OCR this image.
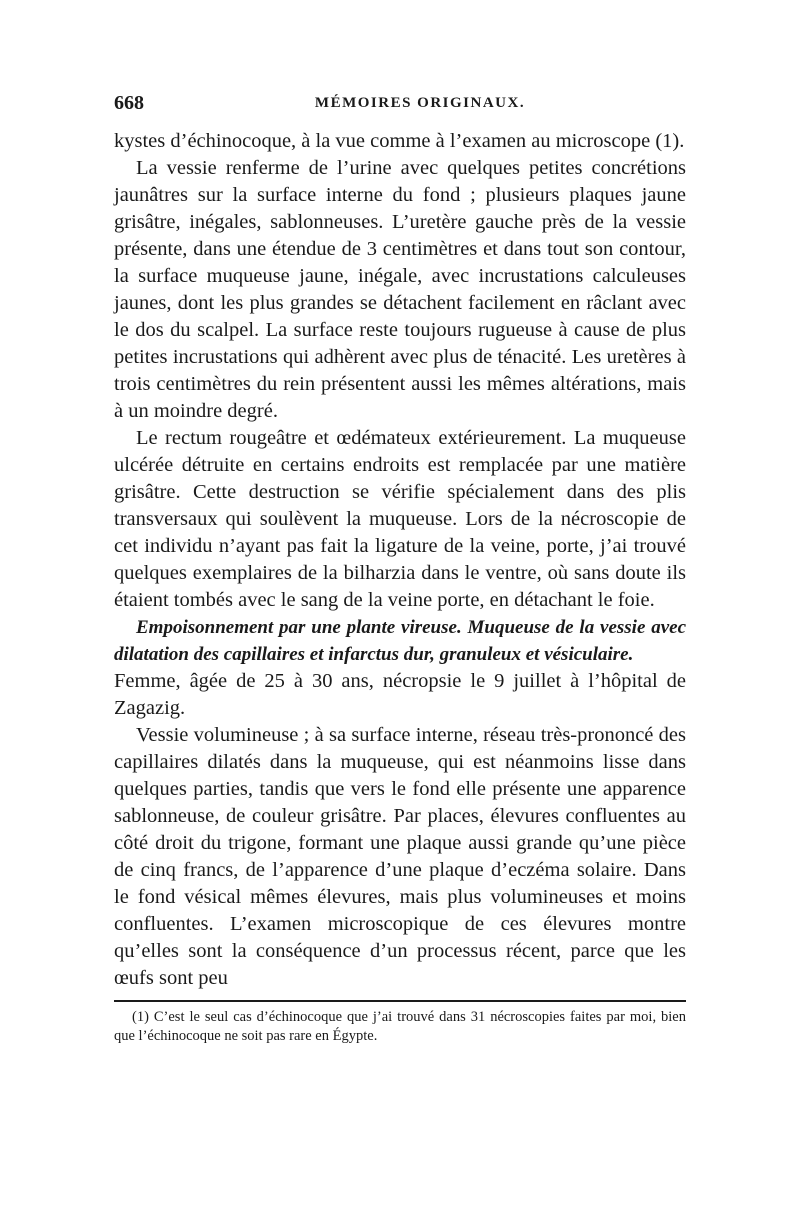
668	MÉMOIRES ORIGINAUX.

kystes d’échinocoque, à la vue comme à l’examen au microscope (1).

La vessie renferme de l’urine avec quelques petites concrétions jaunâtres sur la surface interne du fond ; plusieurs plaques jaune grisâtre, inégales, sablonneuses. L’uretère gauche près de la vessie présente, dans une étendue de 3 centimètres et dans tout son contour, la surface muqueuse jaune, inégale, avec incrustations calculeuses jaunes, dont les plus grandes se détachent facilement en râclant avec le dos du scalpel. La surface reste toujours rugueuse à cause de plus petites incrustations qui adhèrent avec plus de ténacité. Les uretères à trois centimètres du rein présentent aussi les mêmes altérations, mais à un moindre degré.

Le rectum rougeâtre et œdémateux extérieurement. La muqueuse ulcérée détruite en certains endroits est remplacée par une matière grisâtre. Cette destruction se vérifie spécialement dans des plis transversaux qui soulèvent la muqueuse. Lors de la nécroscopie de cet individu n’ayant pas fait la ligature de la veine, porte, j’ai trouvé quelques exemplaires de la bilharzia dans le ventre, où sans doute ils étaient tombés avec le sang de la veine porte, en détachant le foie.

Empoisonnement par une plante vireuse. Muqueuse de la vessie avec dilatation des capillaires et infarctus dur, granuleux et vésiculaire.

Femme, âgée de 25 à 30 ans, nécropsie le 9 juillet à l’hôpital de Zagazig.

Vessie volumineuse ; à sa surface interne, réseau très-prononcé des capillaires dilatés dans la muqueuse, qui est néanmoins lisse dans quelques parties, tandis que vers le fond elle présente une apparence sablonneuse, de couleur grisâtre. Par places, élevures confluentes au côté droit du trigone, formant une plaque aussi grande qu’une pièce de cinq francs, de l’apparence d’une plaque d’eczéma solaire. Dans le fond vésical mêmes élevures, mais plus volumineuses et moins confluentes. L’examen microscopique de ces élevures montre qu’elles sont la conséquence d’un processus récent, parce que les œufs sont peu

(1) C’est le seul cas d’échinocoque que j’ai trouvé dans 31 nécroscopies faites par moi, bien que l’échinocoque ne soit pas rare en Égypte.
